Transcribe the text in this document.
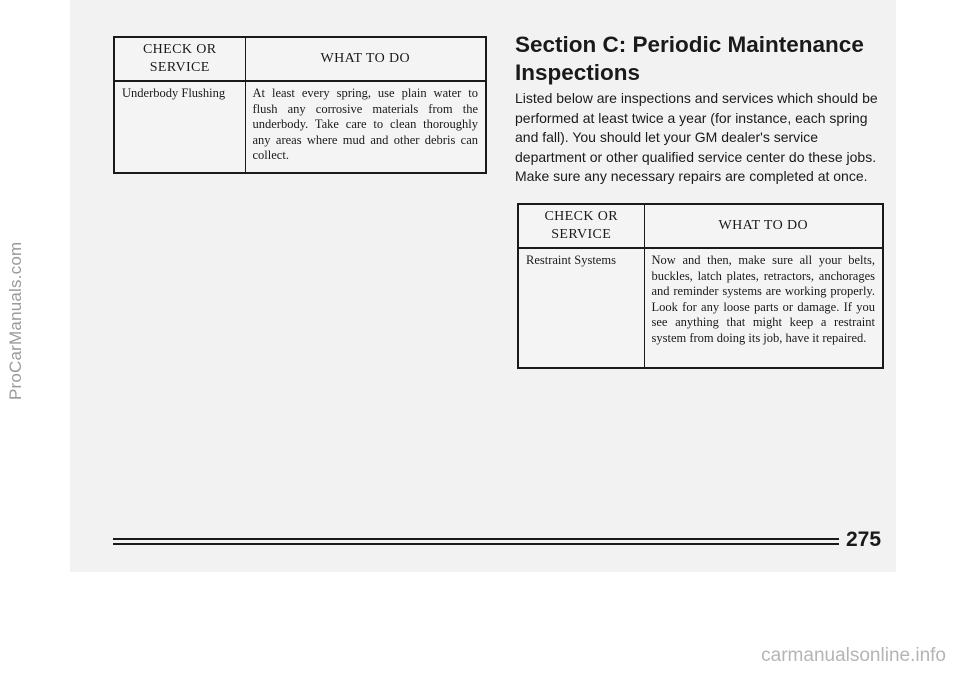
ProCarManuals.com
CHECK OR SERVICE	WHAT TO DO
Underbody Flushing	At least every spring, use plain water to flush any corrosive materials from the underbody. Take care to clean thoroughly any areas where mud and other debris can collect.
Section C: Periodic Maintenance Inspections
Listed below are inspections and services which should be performed at least twice a year (for instance, each spring and fall). You should let your GM dealer's service department or other qualified service center do these jobs. Make sure any necessary repairs are completed at once.
CHECK OR SERVICE	WHAT TO DO
Restraint Systems	Now and then, make sure all your belts, buckles, latch plates, retractors, anchorages and reminder systems are working properly. Look for any loose parts or damage. If you see anything that might keep a restraint system from doing its job, have it repaired.
275
carmanualsonline.info
